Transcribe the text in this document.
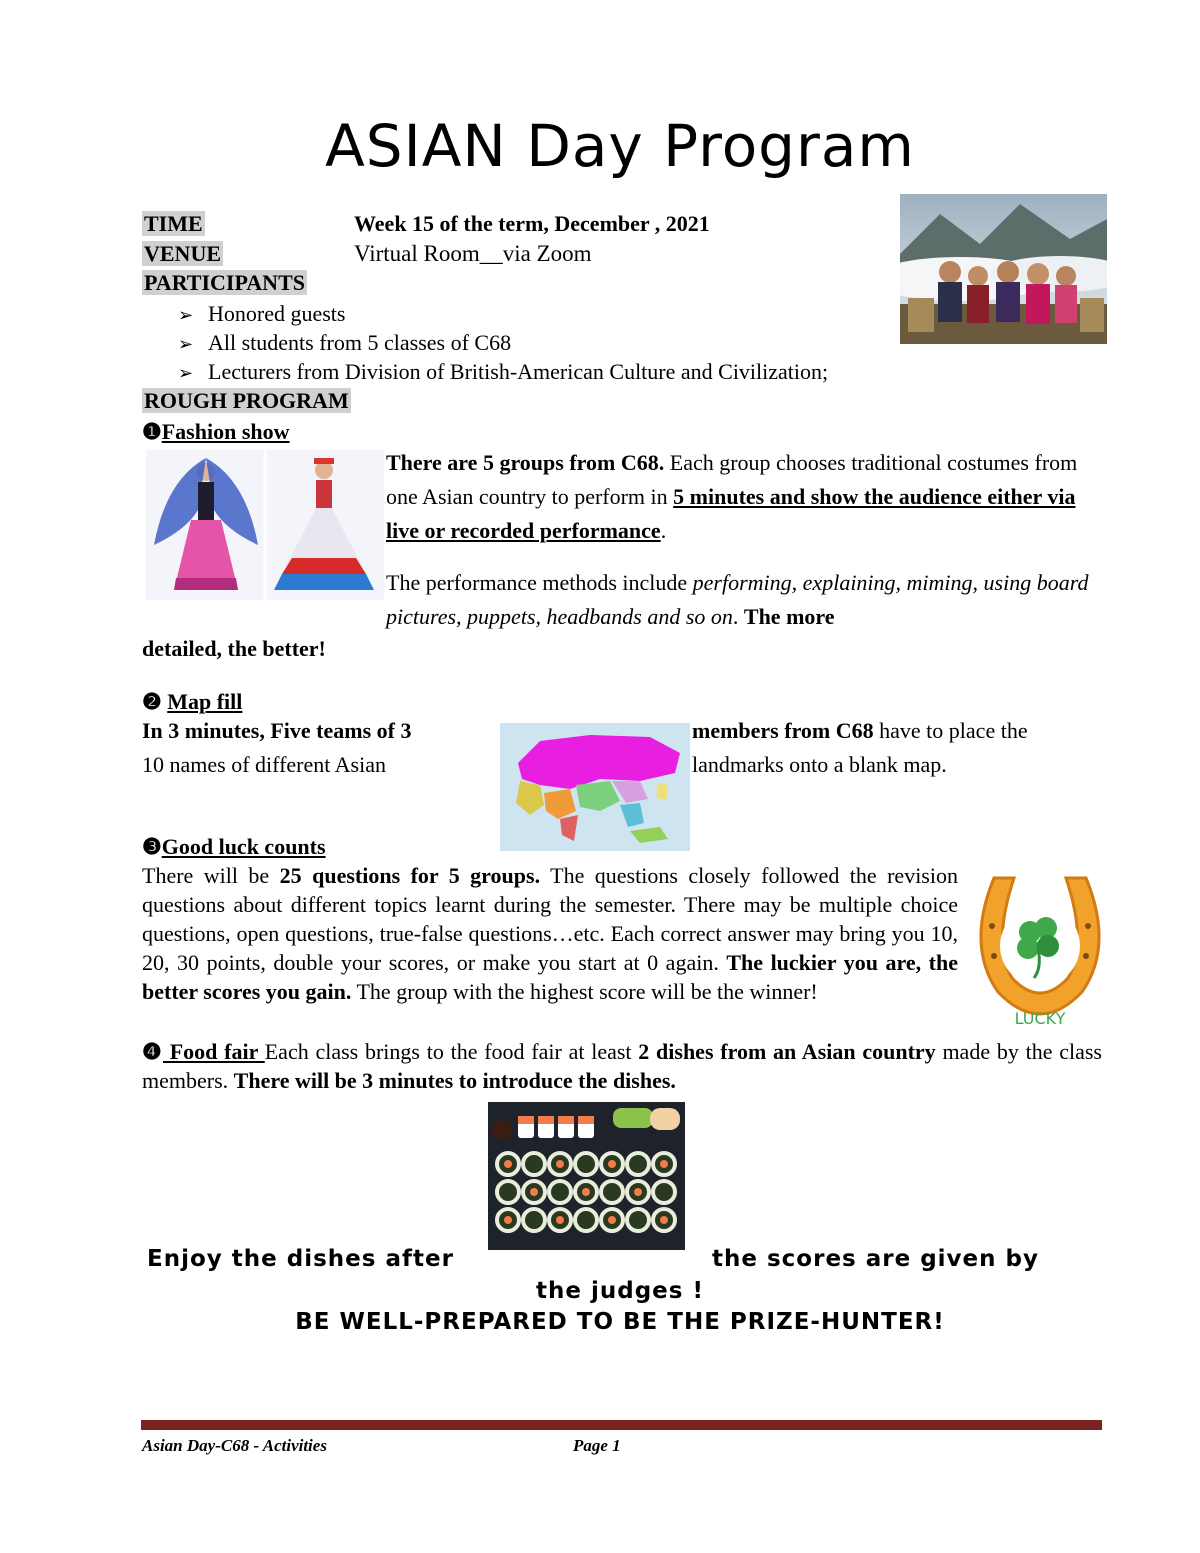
ASIAN Day Program
TIME	Week 15 of the term, December , 2021
VENUE	Virtual Room__via Zoom
PARTICIPANTS
➢ Honored guests
➢ All students from 5 classes of C68
➢ Lecturers from Division of British-American Culture and Civilization;
ROUGH PROGRAM
❶Fashion show
There are 5 groups from C68. Each group chooses traditional costumes from one Asian country to perform in 5 minutes and show the audience either via live or recorded performance.
The performance methods include performing, explaining, miming, using board pictures, puppets, headbands and so on. The more
detailed, the better!
❷ Map fill
In 3 minutes, Five teams of 3
10 names of different Asian
members from C68 have to place the
landmarks onto a blank map.
❸Good luck counts
There will be 25 questions for 5 groups. The questions closely followed the revision questions about different topics learnt during the semester. There may be multiple choice questions, open questions, true-false questions…etc. Each correct answer may bring you 10, 20, 30 points, double your scores, or make you start at 0 again. The luckier you are, the better scores you gain. The group with the highest score will be the winner!
LUCKY
❹ Food fair Each class brings to the food fair at least 2 dishes from an Asian country made by the class members. There will be 3 minutes to introduce the dishes.
Enjoy the dishes after	the scores are given by
the judges !
BE WELL-PREPARED TO BE THE PRIZE-HUNTER!
Asian Day-C68 - Activities	Page 1
